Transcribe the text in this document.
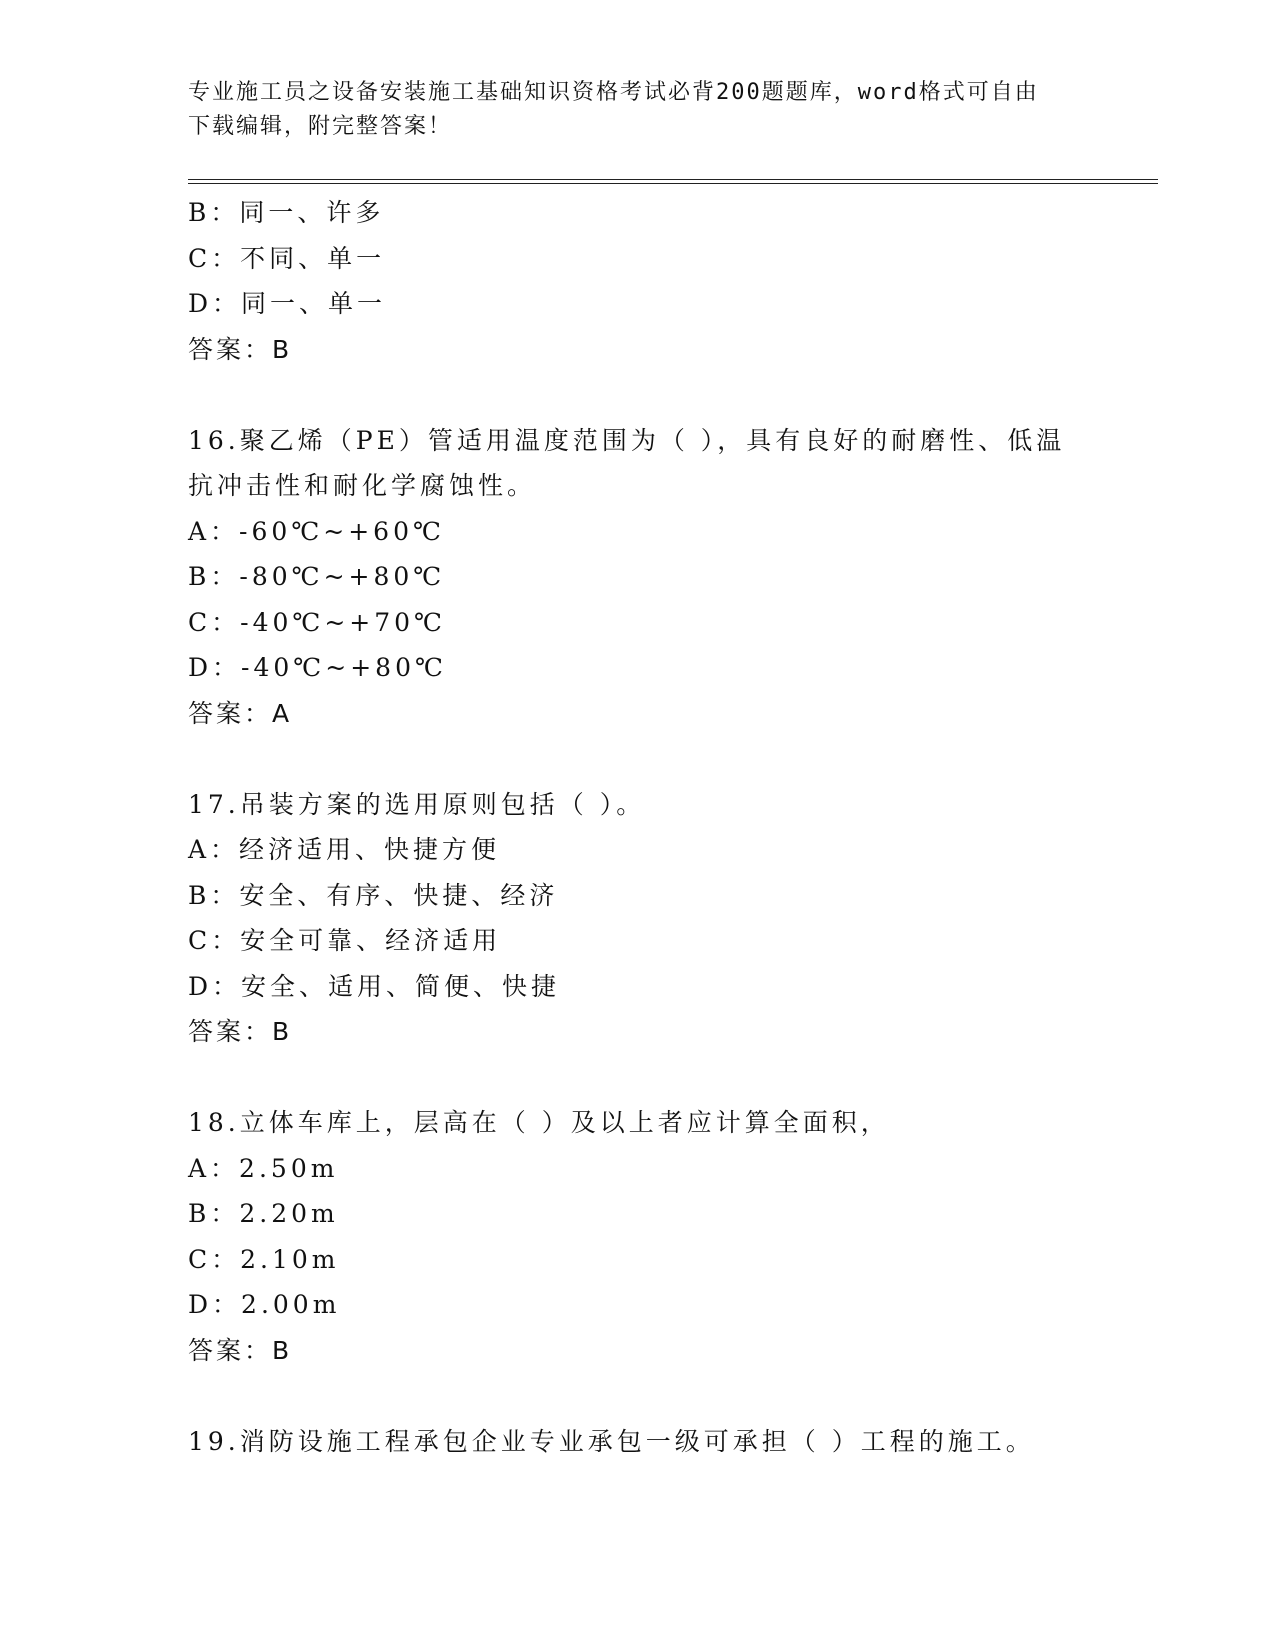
专业施工员之设备安装施工基础知识资格考试必背200题题库，word格式可自由
下载编辑，附完整答案！
B：同一、许多
C：不同、单一
D：同一、单一
答案：B
16.聚乙烯（PE）管适用温度范围为（ ），具有良好的耐磨性、低温
抗冲击性和耐化学腐蚀性。
A：-60℃~+60℃
B：-80℃~+80℃
C：-40℃~+70℃
D：-40℃~+80℃
答案：A
17.吊装方案的选用原则包括（ ）。
A：经济适用、快捷方便
B：安全、有序、快捷、经济
C：安全可靠、经济适用
D：安全、适用、简便、快捷
答案：B
18.立体车库上，层高在（ ）及以上者应计算全面积，
A：2.50m
B：2.20m
C：2.10m
D：2.00m
答案：B
19.消防设施工程承包企业专业承包一级可承担（ ）工程的施工。
